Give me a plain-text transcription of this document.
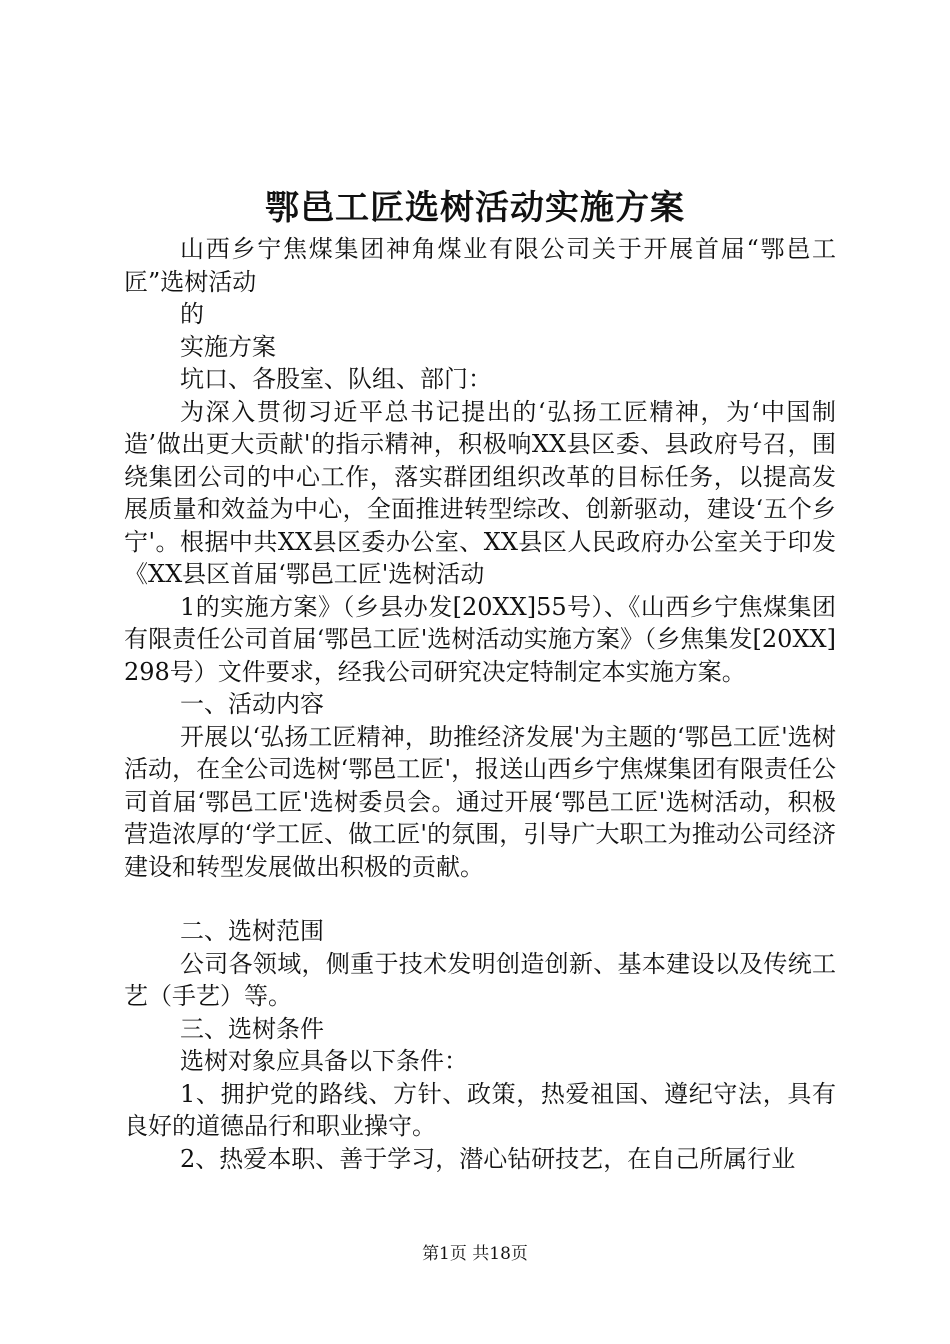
鄂邑工匠选树活动实施方案

山西乡宁焦煤集团神角煤业有限公司关于开展首届“鄂邑工匠”选树活动

的

实施方案

坑口、各股室、队组、部门：

为深入贯彻习近平总书记提出的‘弘扬工匠精神，为‘中国制造’做出更大贡献'的指示精神，积极响XX县区委、县政府号召，围绕集团公司的中心工作，落实群团组织改革的目标任务，以提高发展质量和效益为中心，全面推进转型综改、创新驱动，建设‘五个乡宁'。根据中共XX县区委办公室、XX县区人民政府办公室关于印发《XX县区首届‘鄂邑工匠'选树活动

1的实施方案》（乡县办发[20XX]55号）、《山西乡宁焦煤集团有限责任公司首届‘鄂邑工匠'选树活动实施方案》（乡焦集发[20XX]298号）文件要求，经我公司研究决定特制定本实施方案。

一、活动内容

开展以‘弘扬工匠精神，助推经济发展'为主题的‘鄂邑工匠'选树活动，在全公司选树‘鄂邑工匠'，报送山西乡宁焦煤集团有限责任公司首届‘鄂邑工匠'选树委员会。通过开展‘鄂邑工匠'选树活动，积极营造浓厚的‘学工匠、做工匠'的氛围，引导广大职工为推动公司经济建设和转型发展做出积极的贡献。

二、选树范围

公司各领域，侧重于技术发明创造创新、基本建设以及传统工艺（手艺）等。

三、选树条件

选树对象应具备以下条件：

1、拥护党的路线、方针、政策，热爱祖国、遵纪守法，具有良好的道德品行和职业操守。

2、热爱本职、善于学习，潜心钻研技艺，在自己所属行业

第1页 共18页
